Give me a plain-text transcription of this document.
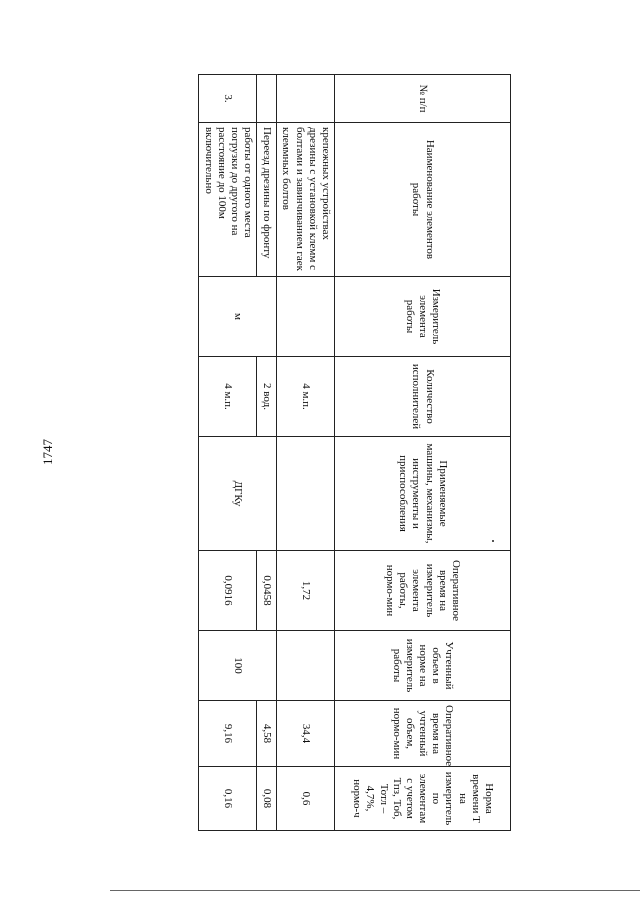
1747
№ п/п	Наименование элементов работы	Измеритель элемента работы	Количество исполнителей	Применяемые машины, механизмы, инструменты и приспособления	Оперативное время на измеритель элемента работы, нормо-мин	Учтенный объем в норме на измеритель работы	Оперативное время на учтенный объем, нормо-мин	Норма времени Т на измеритель по элементам с учетом Тпз, Тоб, Тотл – 4,7%, нормо-ч
	крепежных устройствах дрезины с установкой клемм с болтами и завинчиванием гаек клеммных болтов		4 м.п.		1,72		34,4	0,6
	Переезд дрезины по фронту	м	2 вод.	ДГКу	0,0458	100	4,58	0,08
3.	работы от одного места погрузки до другого на расстояние до 100м включительно		4 м.п.		0,0916		9,16	0,16
